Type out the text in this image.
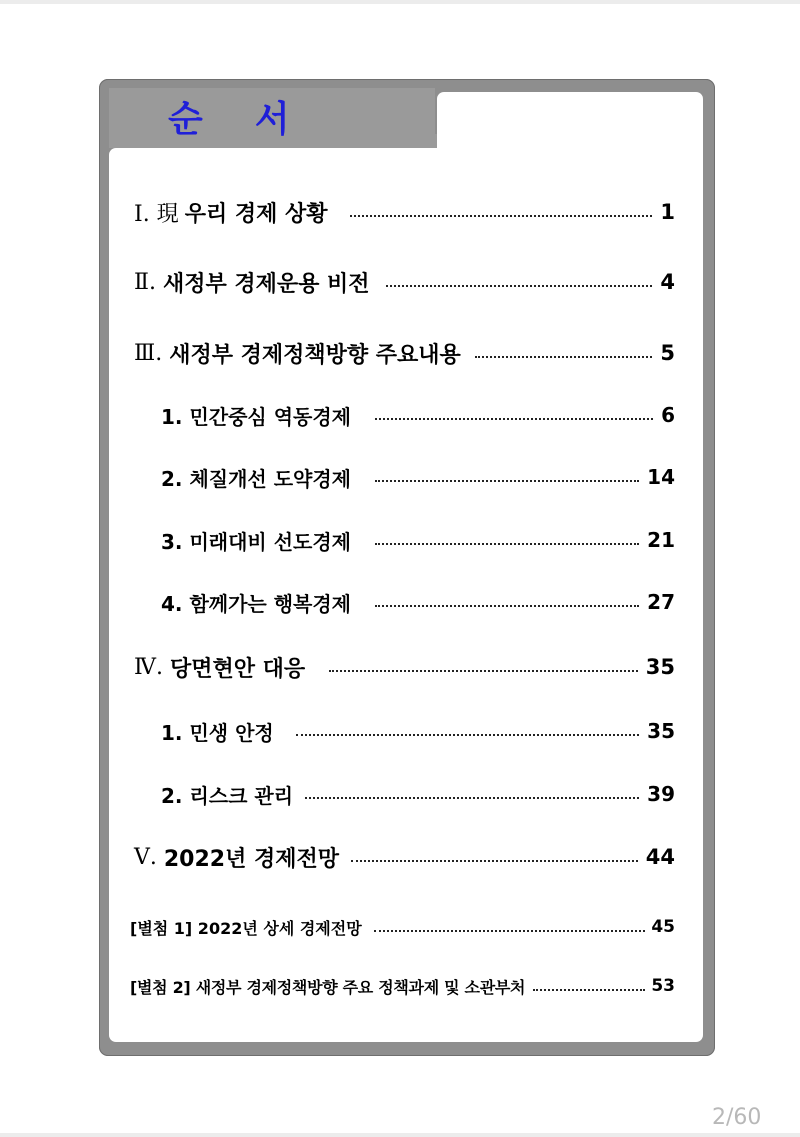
순 서
Ⅰ. 現 우리 경제 상황	1
Ⅱ. 새정부 경제운용 비전	4
Ⅲ. 새정부 경제정책방향 주요내용	5
1. 민간중심 역동경제	6
2. 체질개선 도약경제	14
3. 미래대비 선도경제	21
4. 함께가는 행복경제	27
Ⅳ. 당면현안 대응	35
1. 민생 안정	35
2. 리스크 관리	39
Ⅴ. 2022년 경제전망	44
[별첨 1] 2022년 상세 경제전망	45
[별첨 2] 새정부 경제정책방향 주요 정책과제 및 소관부처	53
2/60
